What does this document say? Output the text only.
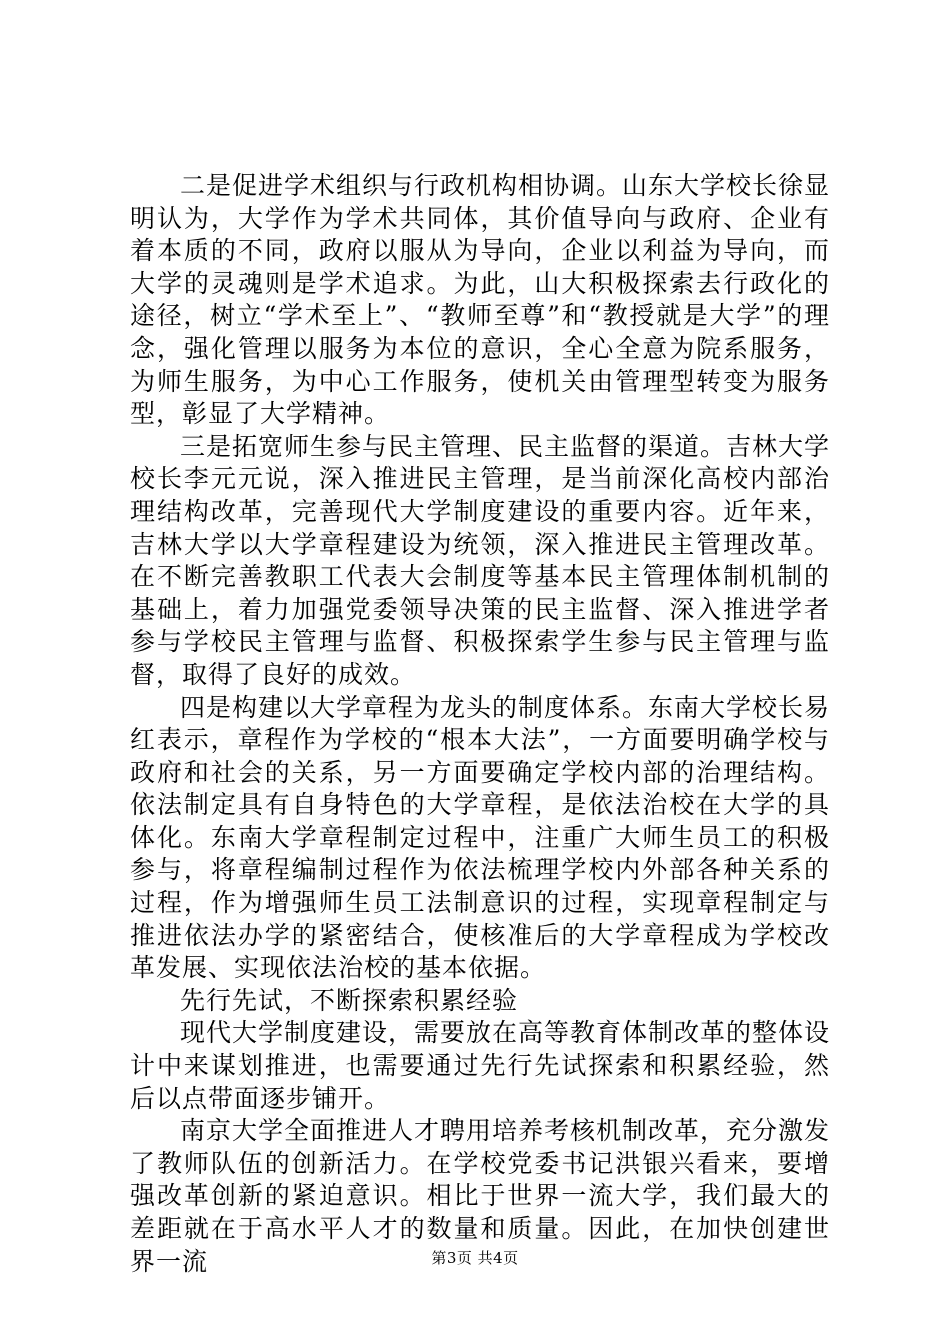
二是促进学术组织与行政机构相协调。山东大学校长徐显明认为，大学作为学术共同体，其价值导向与政府、企业有着本质的不同，政府以服从为导向，企业以利益为导向，而大学的灵魂则是学术追求。为此，山大积极探索去行政化的途径，树立“学术至上”、“教师至尊”和“教授就是大学”的理念，强化管理以服务为本位的意识，全心全意为院系服务，为师生服务，为中心工作服务，使机关由管理型转变为服务型，彰显了大学精神。

三是拓宽师生参与民主管理、民主监督的渠道。吉林大学校长李元元说，深入推进民主管理，是当前深化高校内部治理结构改革，完善现代大学制度建设的重要内容。近年来，吉林大学以大学章程建设为统领，深入推进民主管理改革。在不断完善教职工代表大会制度等基本民主管理体制机制的基础上，着力加强党委领导决策的民主监督、深入推进学者参与学校民主管理与监督、积极探索学生参与民主管理与监督，取得了良好的成效。

四是构建以大学章程为龙头的制度体系。东南大学校长易红表示，章程作为学校的“根本大法”，一方面要明确学校与政府和社会的关系，另一方面要确定学校内部的治理结构。依法制定具有自身特色的大学章程，是依法治校在大学的具体化。东南大学章程制定过程中，注重广大师生员工的积极参与，将章程编制过程作为依法梳理学校内外部各种关系的过程，作为增强师生员工法制意识的过程，实现章程制定与推进依法办学的紧密结合，使核准后的大学章程成为学校改革发展、实现依法治校的基本依据。

先行先试，不断探索积累经验

现代大学制度建设，需要放在高等教育体制改革的整体设计中来谋划推进，也需要通过先行先试探索和积累经验，然后以点带面逐步铺开。

南京大学全面推进人才聘用培养考核机制改革，充分激发了教师队伍的创新活力。在学校党委书记洪银兴看来，要增强改革创新的紧迫意识。相比于世界一流大学，我们最大的差距就在于高水平人才的数量和质量。因此，在加快创建世界一流	第3页 共4页
